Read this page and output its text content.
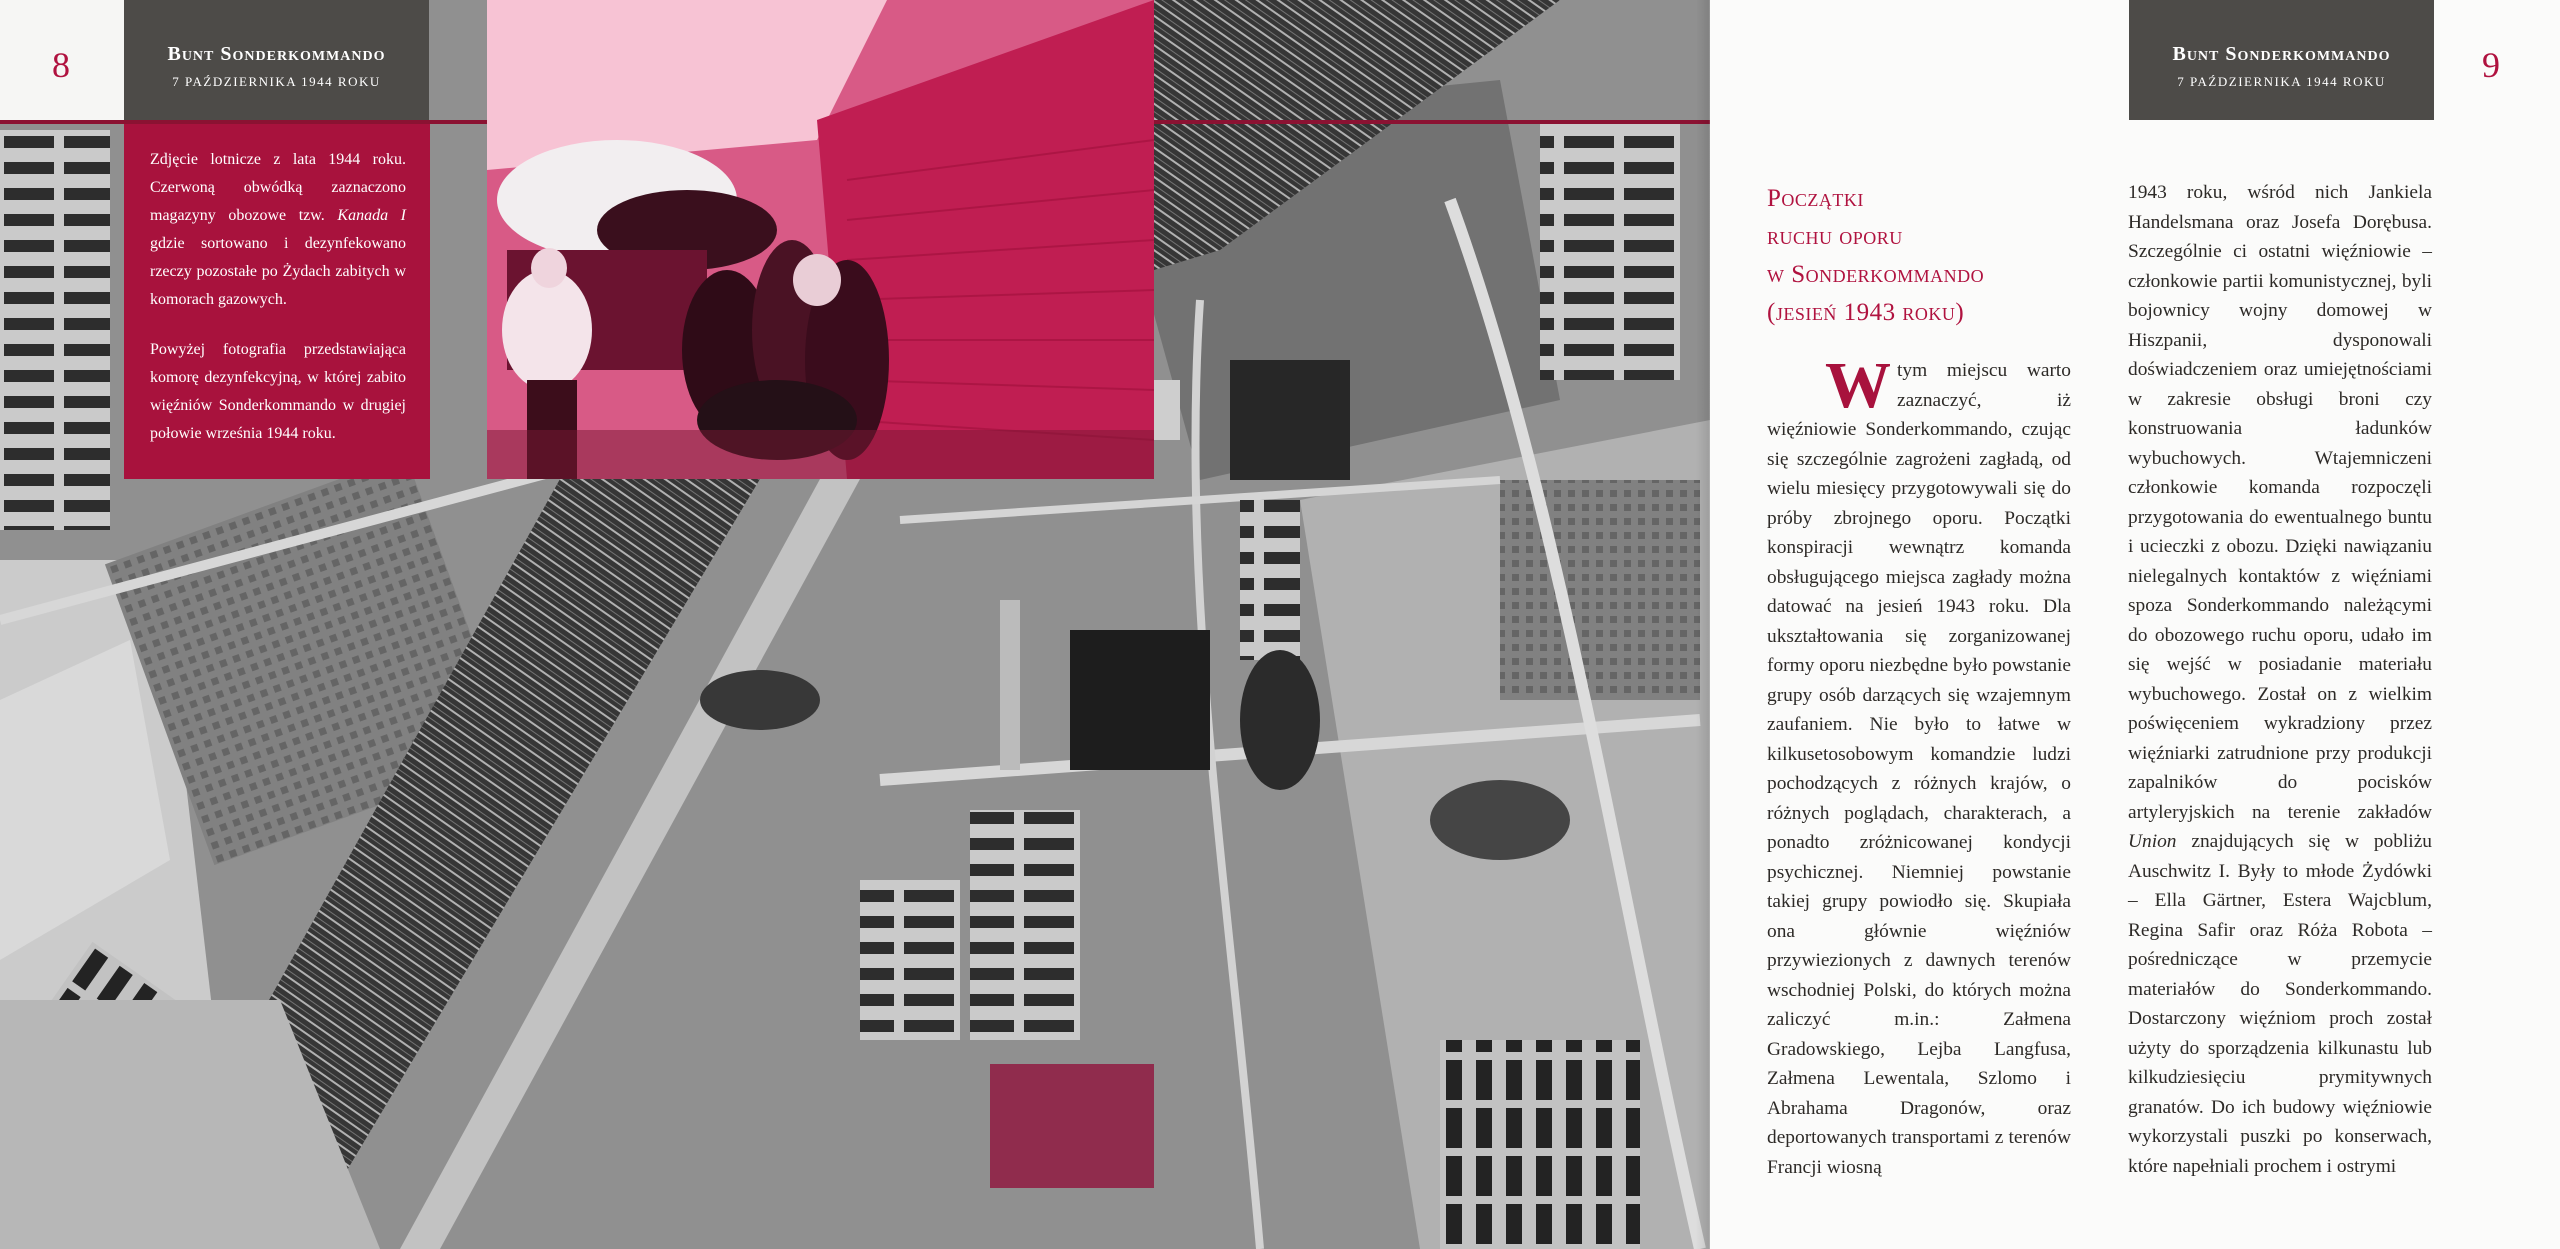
8	Bunt Sonderkommando
7 PAŹDZIERNIKA 1944 ROKU

Zdjęcie lotnicze z lata 1944 roku. Czerwoną obwódką zaznaczono magazyny obozowe tzw. Kanada I gdzie sortowano i dezynfekowano rzeczy pozostałe po Żydach zabitych w komorach gazowych.

Powyżej fotografia przedstawiająca komorę dezynfekcyjną, w której zabito więźniów Sonderkommando w drugiej połowie września 1944 roku.

Bunt Sonderkommando
7 PAŹDZIERNIKA 1944 ROKU	9
Początki
ruchu oporu
w Sonderkommando
(jesień 1943 roku)

W tym miejscu warto zaznaczyć, iż więźniowie Sonderkommando, czując się szczególnie zagrożeni zagładą, od wielu miesięcy przygotowywali się do próby zbrojnego oporu. Początki konspiracji wewnątrz komanda obsługującego miejsca zagłady można datować na jesień 1943 roku. Dla ukształtowania się zorganizowanej formy oporu niezbędne było powstanie grupy osób darzących się wzajemnym zaufaniem. Nie było to łatwe w kilkusetosobowym komandzie ludzi pochodzących z różnych krajów, o różnych poglądach, charakterach, a ponadto zróżnicowanej kondycji psychicznej. Niemniej powstanie takiej grupy powiodło się. Skupiała ona głównie więźniów przywiezionych z dawnych terenów wschodniej Polski, do których można zaliczyć m.in.: Załmena Gradowskiego, Lejba Langfusa, Załmena Lewentala, Szlomo i Abrahama Dragonów, oraz deportowanych transportami z terenów Francji wiosną

1943 roku, wśród nich Jankiela Handelsmana oraz Josefa Dorębusa. Szczególnie ci ostatni więźniowie – członkowie partii komunistycznej, byli bojownicy wojny domowej w Hiszpanii, dysponowali doświadczeniem oraz umiejętnościami w zakresie obsługi broni czy konstruowania ładunków wybuchowych. Wtajemniczeni członkowie komanda rozpoczęli przygotowania do ewentualnego buntu i ucieczki z obozu. Dzięki nawiązaniu nielegalnych kontaktów z więźniami spoza Sonderkommando należącymi do obozowego ruchu oporu, udało im się wejść w posiadanie materiału wybuchowego. Został on z wielkim poświęceniem wykradziony przez więźniarki zatrudnione przy produkcji zapalników do pocisków artyleryjskich na terenie zakładów Union znajdujących się w pobliżu Auschwitz I. Były to młode Żydówki – Ella Gärtner, Estera Wajcblum, Regina Safir oraz Róża Robota – pośredniczące w przemycie materiałów do Sonderkommando. Dostarczony więźniom proch został użyty do sporządzenia kilkunastu lub kilkudziesięciu prymitywnych granatów. Do ich budowy więźniowie wykorzystali puszki po konserwach, które napełniali prochem i ostrymi
